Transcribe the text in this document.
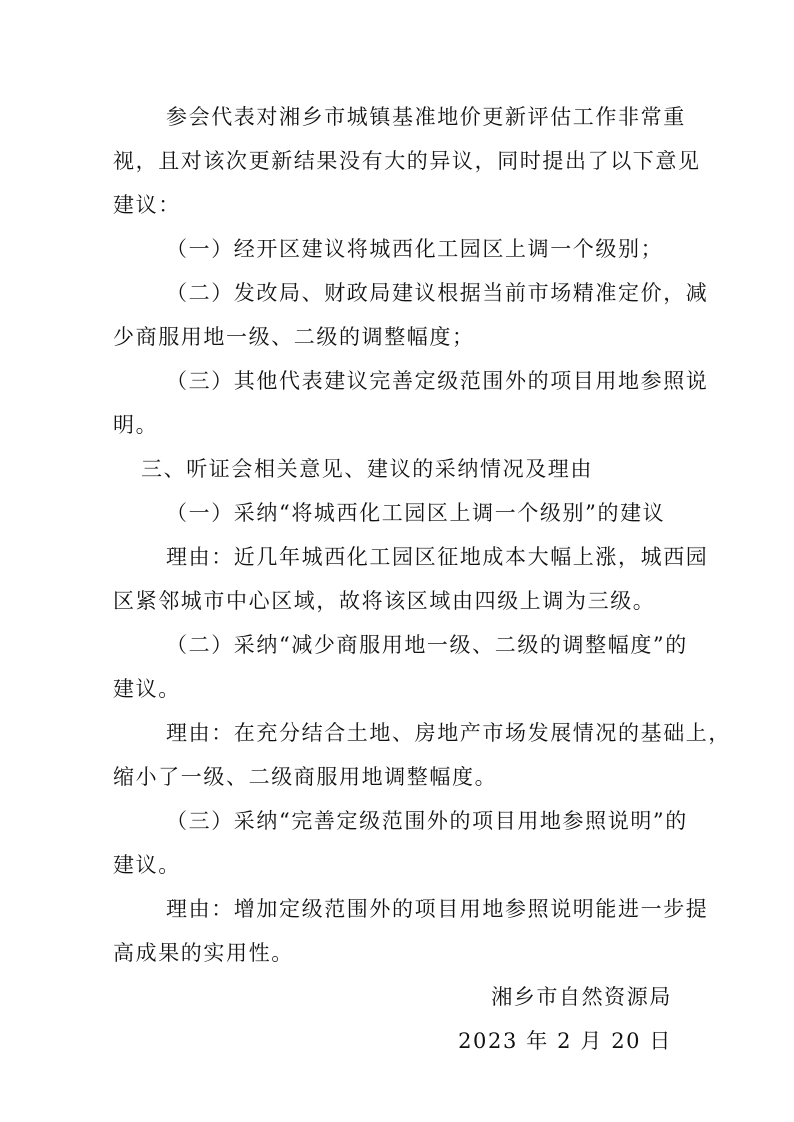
参会代表对湘乡市城镇基准地价更新评估工作非常重
视，且对该次更新结果没有大的异议，同时提出了以下意见
建议：
（一）经开区建议将城西化工园区上调一个级别；
（二）发改局、财政局建议根据当前市场精准定价，减
少商服用地一级、二级的调整幅度；
（三）其他代表建议完善定级范围外的项目用地参照说
明。
三、听证会相关意见、建议的采纳情况及理由
（一）采纳“将城西化工园区上调一个级别”的建议
理由：近几年城西化工园区征地成本大幅上涨，城西园
区紧邻城市中心区域，故将该区域由四级上调为三级。
（二）采纳“减少商服用地一级、二级的调整幅度”的
建议。
理由：在充分结合土地、房地产市场发展情况的基础上，
缩小了一级、二级商服用地调整幅度。
（三）采纳“完善定级范围外的项目用地参照说明”的
建议。
理由：增加定级范围外的项目用地参照说明能进一步提
高成果的实用性。
湘乡市自然资源局
2023 年 2 月 20 日
